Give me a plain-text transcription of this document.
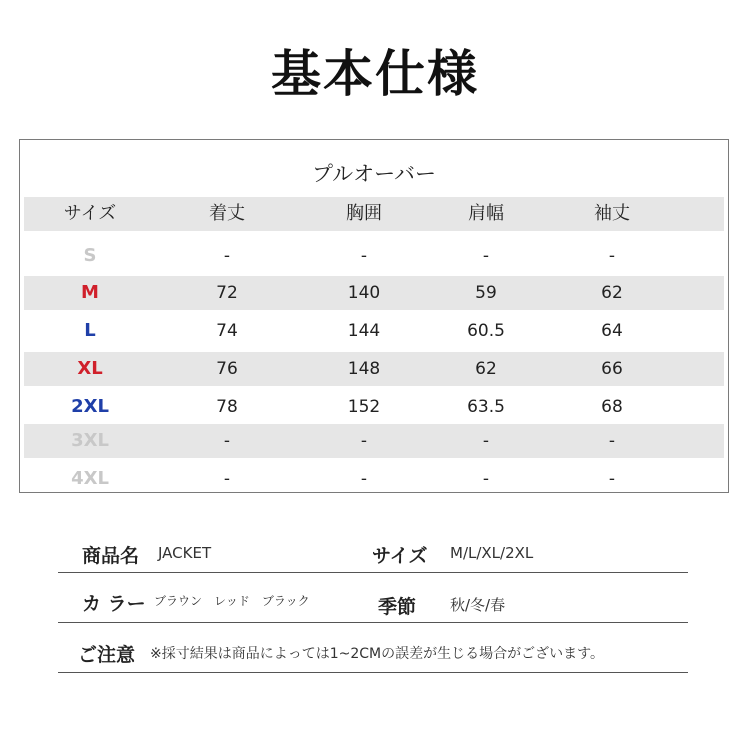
基本仕様
プルオーバー
サイズ	着丈	胸囲	肩幅	袖丈
S	-	-	-	-
M	72	140	59	62
L	74	144	60.5	64
XL	76	148	62	66
2XL	78	152	63.5	68
3XL	-	-	-	-
4XL	-	-	-	-
商品名 JACKET	サイズ M/L/XL/2XL
カ ラー ブラウン　レッド　ブラック	季節 秋/冬/春
ご注意 ※採寸結果は商品によっては1~2CMの誤差が生じる場合がございます。
